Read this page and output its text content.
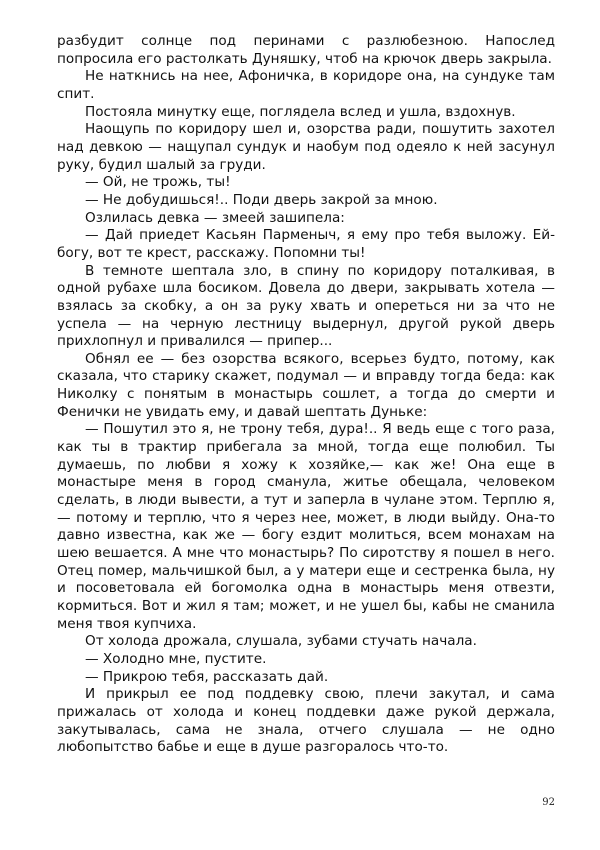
разбудит солнце под перинами с разлюбезною. Напослед попросила его растолкать Дуняшку, чтоб на крючок дверь закрыла.

Не наткнись на нее, Афоничка, в коридоре она, на сундуке там спит.

Постояла минутку еще, поглядела вслед и ушла, вздохнув.

Наощупь по коридору шел и, озорства ради, пошутить захотел над девкою — нащупал сундук и наобум под одеяло к ней засунул руку, будил шалый за груди.

— Ой, не трожь, ты!

— Не добудишься!.. Поди дверь закрой за мною.

Озлилась девка — змеей зашипела:

— Дай приедет Касьян Парменыч, я ему про тебя выложу. Ей-богу, вот те крест, расскажу. Попомни ты!

В темноте шептала зло, в спину по коридору поталкивая, в одной рубахе шла босиком. Довела до двери, закрывать хотела — взялась за скобку, а он за руку хвать и опереться ни за что не успела — на черную лестницу выдернул, другой рукой дверь прихлопнул и привалился — припер...

Обнял ее — без озорства всякого, всерьез будто, потому, как сказала, что старику скажет, подумал — и вправду тогда беда: как Николку с понятым в монастырь сошлет, а тогда до смерти и Фенички не увидать ему, и давай шептать Дуньке:

— Пошутил это я, не трону тебя, дура!.. Я ведь еще с того раза, как ты в трактир прибегала за мной, тогда еще полюбил. Ты думаешь, по любви я хожу к хозяйке,— как же! Она еще в монастыре меня в город сманула, житье обещала, человеком сделать, в люди вывести, а тут и заперла в чулане этом. Терплю я,— потому и терплю, что я через нее, может, в люди выйду. Она-то давно известна, как же — богу ездит молиться, всем монахам на шею вешается. А мне что монастырь? По сиротству я пошел в него. Отец помер, мальчишкой был, а у матери еще и сестренка была, ну и посоветовала ей богомолка одна в монастырь меня отвезти, кормиться. Вот и жил я там; может, и не ушел бы, кабы не сманила меня твоя купчиха.

От холода дрожала, слушала, зубами стучать начала.

— Холодно мне, пустите.

— Прикрою тебя, рассказать дай.

И прикрыл ее под поддевку свою, плечи закутал, и сама прижалась от холода и конец поддевки даже рукой держала, закутывалась, сама не знала, отчего слушала — не одно любопытство бабье и еще в душе разгоралось что-то.

92
